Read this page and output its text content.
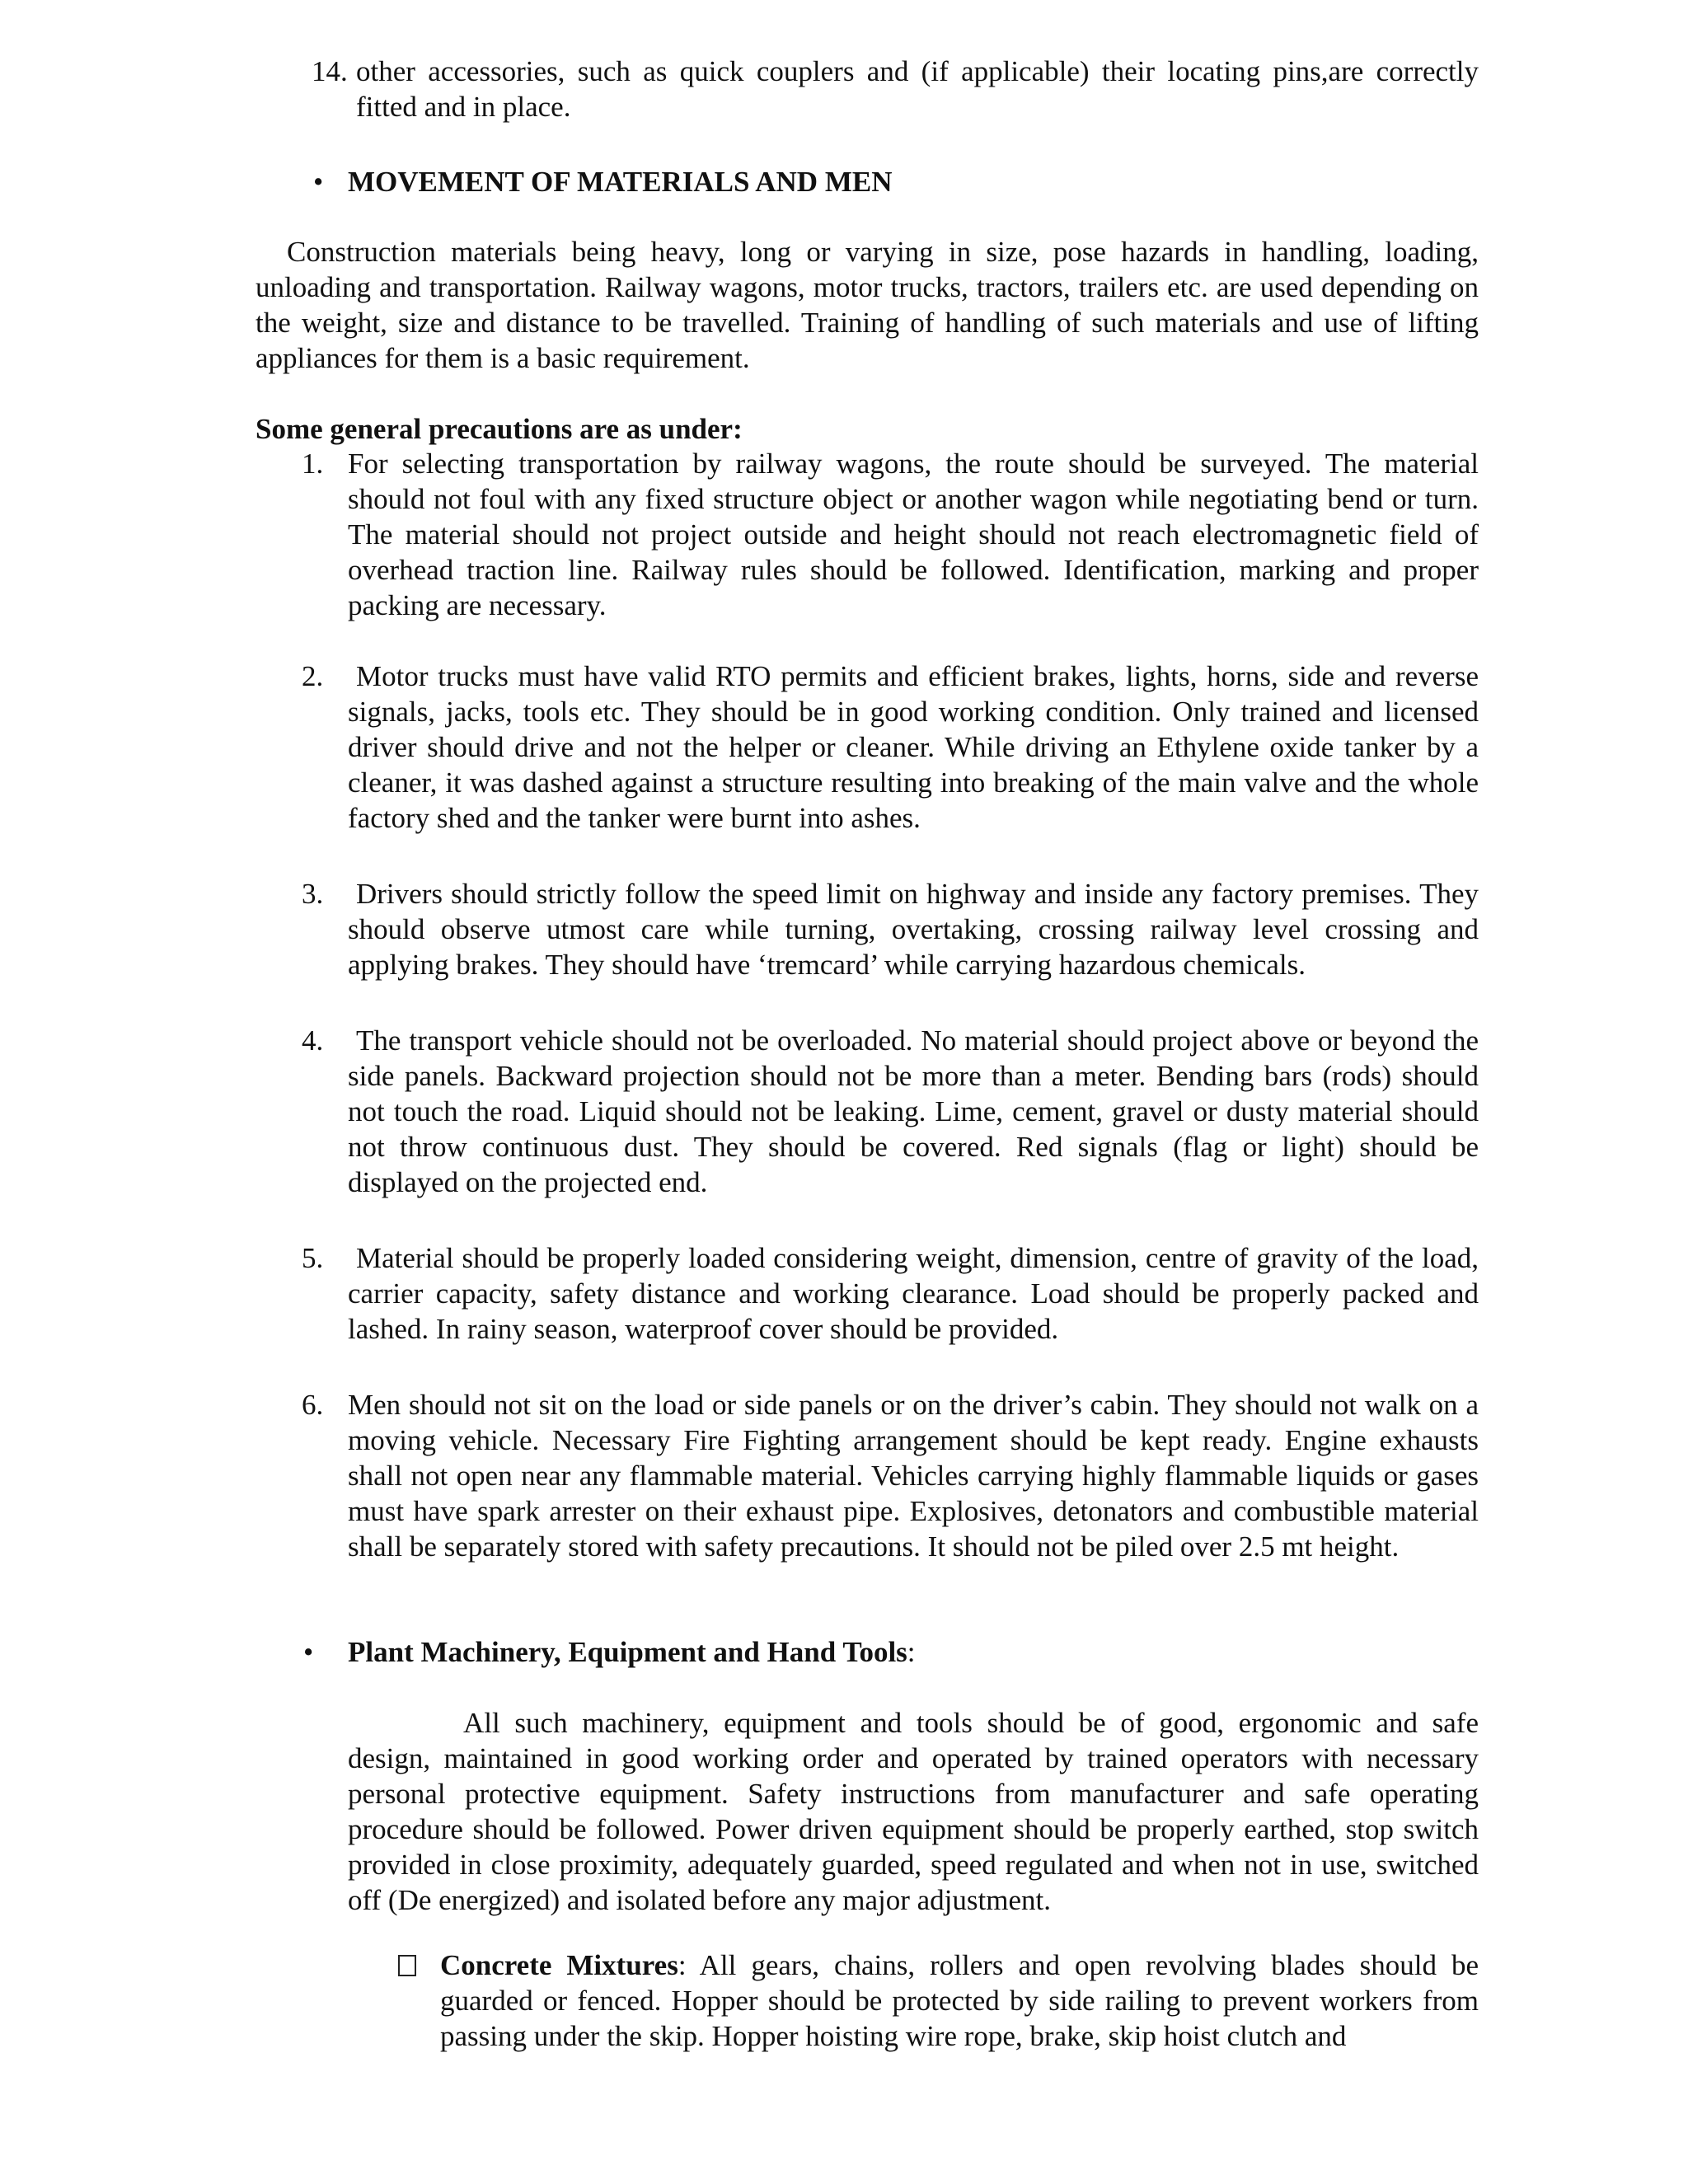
14. other accessories, such as quick couplers and (if applicable) their locating pins,are correctly fitted and in place.
• MOVEMENT OF MATERIALS AND MEN
Construction materials being heavy, long or varying in size, pose hazards in handling, loading, unloading and transportation. Railway wagons, motor trucks, tractors, trailers etc. are used depending on the weight, size and distance to be travelled. Training of handling of such materials and use of lifting appliances for them is a basic requirement.
Some general precautions are as under:
1. For selecting transportation by railway wagons, the route should be surveyed. The material should not foul with any fixed structure object or another wagon while negotiating bend or turn. The material should not project outside and height should not reach electromagnetic field of overhead traction line. Railway rules should be followed. Identification, marking and proper packing are necessary.
2. Motor trucks must have valid RTO permits and efficient brakes, lights, horns, side and reverse signals, jacks, tools etc. They should be in good working condition. Only trained and licensed driver should drive and not the helper or cleaner. While driving an Ethylene oxide tanker by a cleaner, it was dashed against a structure resulting into breaking of the main valve and the whole factory shed and the tanker were burnt into ashes.
3. Drivers should strictly follow the speed limit on highway and inside any factory premises. They should observe utmost care while turning, overtaking, crossing railway level crossing and applying brakes. They should have ‘tremcard’ while carrying hazardous chemicals.
4. The transport vehicle should not be overloaded. No material should project above or beyond the side panels. Backward projection should not be more than a meter. Bending bars (rods) should not touch the road. Liquid should not be leaking. Lime, cement, gravel or dusty material should not throw continuous dust. They should be covered. Red signals (flag or light) should be displayed on the projected end.
5. Material should be properly loaded considering weight, dimension, centre of gravity of the load, carrier capacity, safety distance and working clearance. Load should be properly packed and lashed. In rainy season, waterproof cover should be provided.
6. Men should not sit on the load or side panels or on the driver’s cabin. They should not walk on a moving vehicle. Necessary Fire Fighting arrangement should be kept ready. Engine exhausts shall not open near any flammable material. Vehicles carrying highly flammable liquids or gases must have spark arrester on their exhaust pipe. Explosives, detonators and combustible material shall be separately stored with safety precautions. It should not be piled over 2.5 mt height.
• Plant Machinery, Equipment and Hand Tools:
All such machinery, equipment and tools should be of good, ergonomic and safe design, maintained in good working order and operated by trained operators with necessary personal protective equipment. Safety instructions from manufacturer and safe operating procedure should be followed. Power driven equipment should be properly earthed, stop switch provided in close proximity, adequately guarded, speed regulated and when not in use, switched off (De energized) and isolated before any major adjustment.
Concrete Mixtures: All gears, chains, rollers and open revolving blades should be guarded or fenced. Hopper should be protected by side railing to prevent workers from passing under the skip. Hopper hoisting wire rope, brake, skip hoist clutch and
